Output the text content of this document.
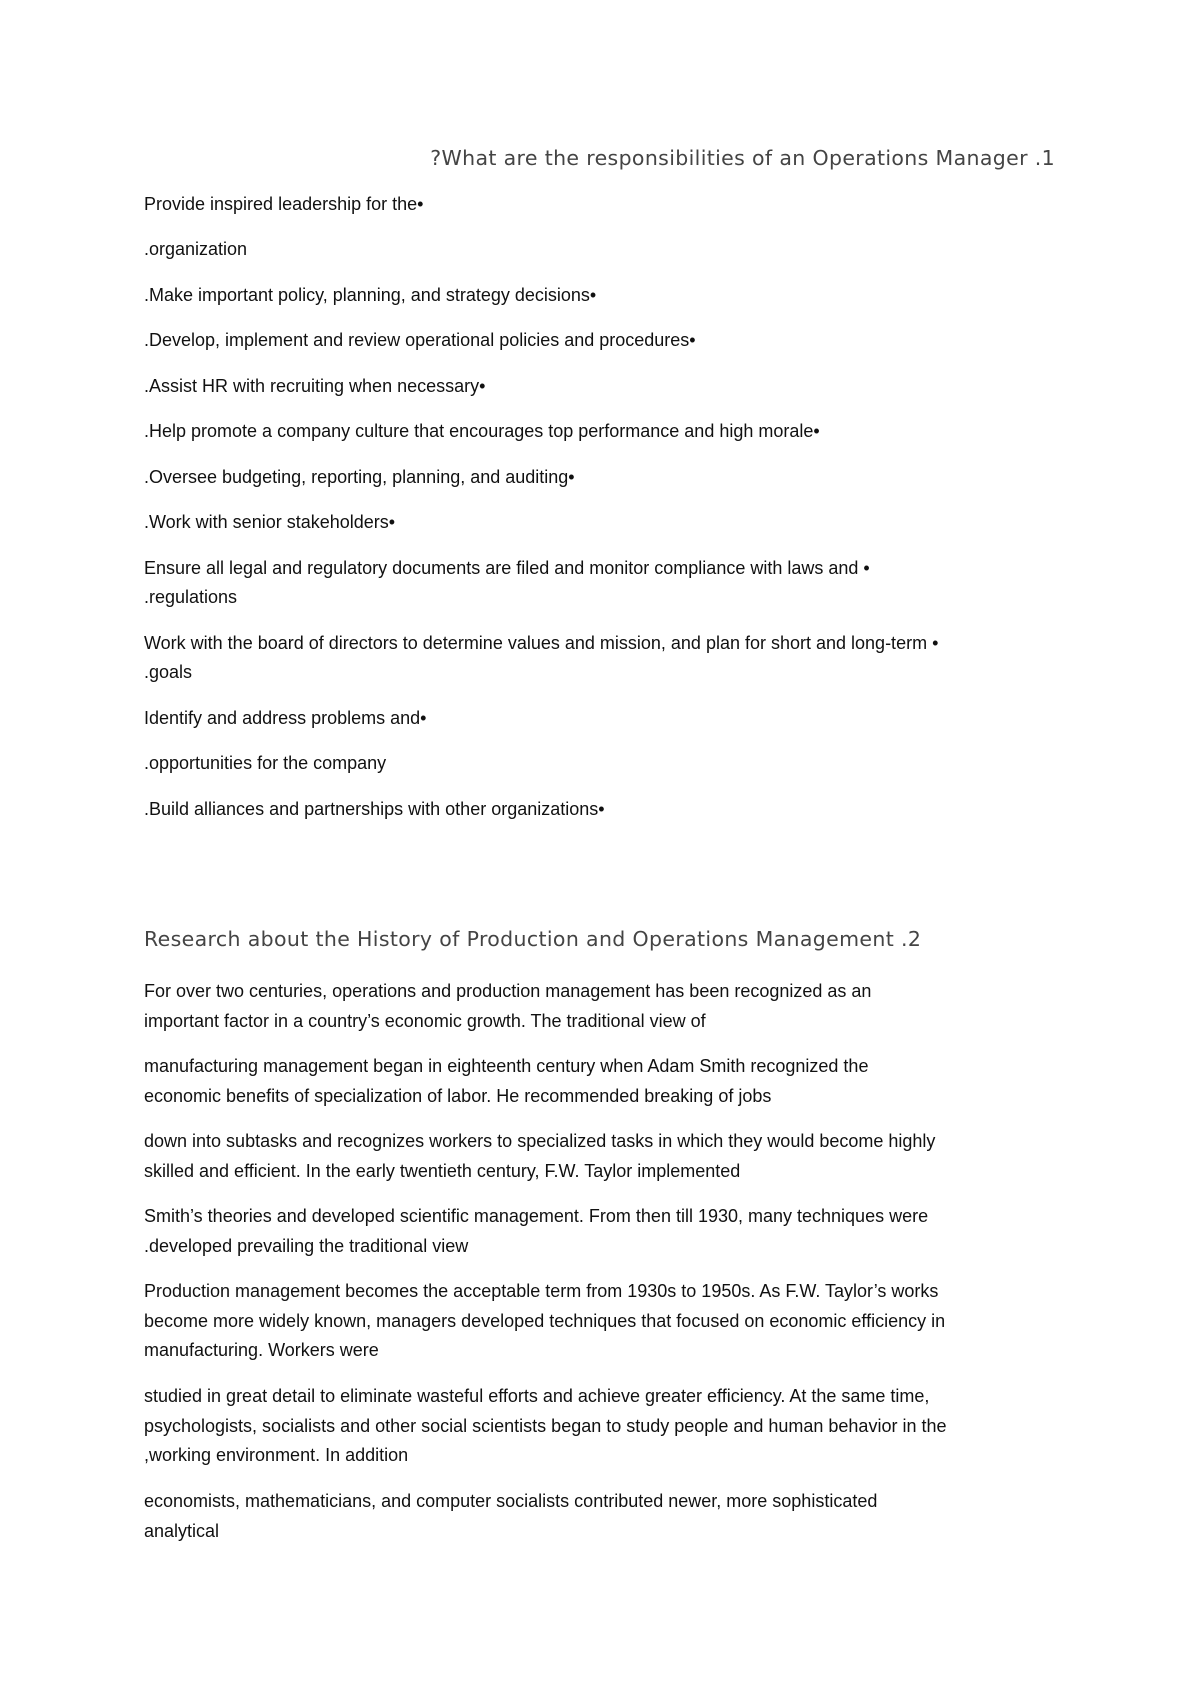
?What are the responsibilities of an Operations Manager .1
Provide inspired leadership for the•
.organization
.Make important policy, planning, and strategy decisions•
.Develop, implement and review operational policies and procedures•
.Assist HR with recruiting when necessary•
.Help promote a company culture that encourages top performance and high morale•
.Oversee budgeting, reporting, planning, and auditing•
.Work with senior stakeholders•
Ensure all legal and regulatory documents are filed and monitor compliance with laws and •
.regulations
Work with the board of directors to determine values and mission, and plan for short and long-term •
.goals
Identify and address problems and•
.opportunities for the company
.Build alliances and partnerships with other organizations•
Research about the History of Production and Operations Management .2
For over two centuries, operations and production management has been recognized as an
important factor in a country’s economic growth. The traditional view of
manufacturing management began in eighteenth century when Adam Smith recognized the
economic benefits of specialization of labor. He recommended breaking of jobs
down into subtasks and recognizes workers to specialized tasks in which they would become highly
skilled and efficient. In the early twentieth century, F.W. Taylor implemented
Smith’s theories and developed scientific management. From then till 1930, many techniques were
.developed prevailing the traditional view
Production management becomes the acceptable term from 1930s to 1950s. As F.W. Taylor’s works
become more widely known, managers developed techniques that focused on economic efficiency in
manufacturing. Workers were
studied in great detail to eliminate wasteful efforts and achieve greater efficiency. At the same time,
psychologists, socialists and other social scientists began to study people and human behavior in the
,working environment. In addition
economists, mathematicians, and computer socialists contributed newer, more sophisticated
analytical
